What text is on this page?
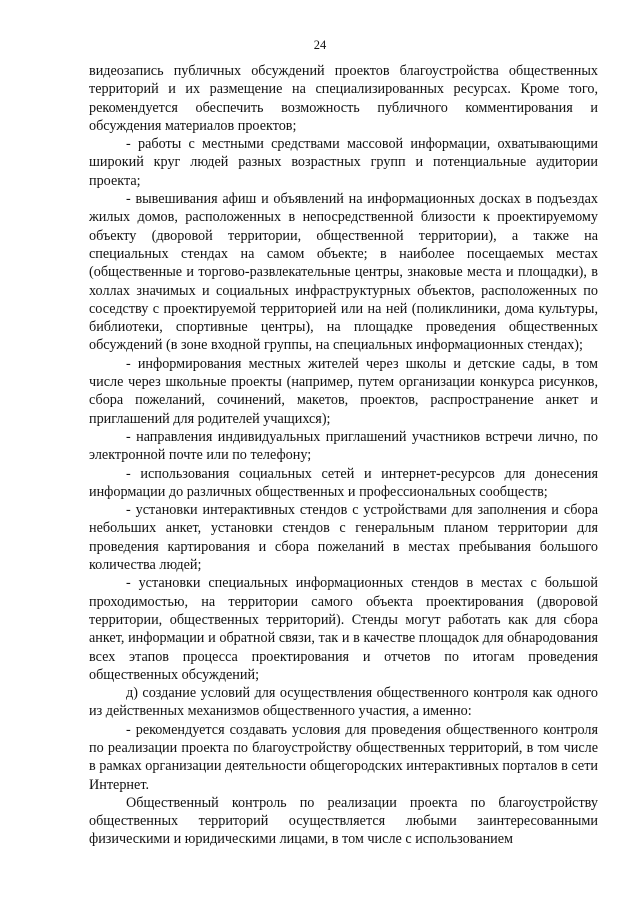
24

видеозапись публичных обсуждений проектов благоустройства общественных территорий и их размещение на специализированных ресурсах. Кроме того, рекомендуется обеспечить возможность публичного комментирования и обсуждения материалов проектов;

- работы с местными средствами массовой информации, охватывающими широкий круг людей разных возрастных групп и потенциальные аудитории проекта;

- вывешивания афиш и объявлений на информационных досках в подъездах жилых домов, расположенных в непосредственной близости к проектируемому объекту (дворовой территории, общественной территории), а также на специальных стендах на самом объекте; в наиболее посещаемых местах (общественные и торгово-развлекательные центры, знаковые места и площадки), в холлах значимых и социальных инфраструктурных объектов, расположенных по соседству с проектируемой территорией или на ней (поликлиники, дома культуры, библиотеки, спортивные центры), на площадке проведения общественных обсуждений (в зоне входной группы, на специальных информационных стендах);

- информирования местных жителей через школы и детские сады, в том числе через школьные проекты (например, путем организации конкурса рисунков, сбора пожеланий, сочинений, макетов, проектов, распространение анкет и приглашений для родителей учащихся);

- направления индивидуальных приглашений участников встречи лично, по электронной почте или по телефону;

- использования социальных сетей и интернет-ресурсов для донесения информации до различных общественных и профессиональных сообществ;

- установки интерактивных стендов с устройствами для заполнения и сбора небольших анкет, установки стендов с генеральным планом территории для проведения картирования и сбора пожеланий в местах пребывания большого количества людей;

- установки специальных информационных стендов в местах с большой проходимостью, на территории самого объекта проектирования (дворовой территории, общественных территорий). Стенды могут работать как для сбора анкет, информации и обратной связи, так и в качестве площадок для обнародования всех этапов процесса проектирования и отчетов по итогам проведения общественных обсуждений;

д) создание условий для осуществления общественного контроля как одного из действенных механизмов общественного участия, а именно:

- рекомендуется создавать условия для проведения общественного контроля по реализации проекта по благоустройству общественных территорий, в том числе в рамках организации деятельности общегородских интерактивных порталов в сети Интернет.

Общественный контроль по реализации проекта по благоустройству общественных территорий осуществляется любыми заинтересованными физическими и юридическими лицами, в том числе с использованием
